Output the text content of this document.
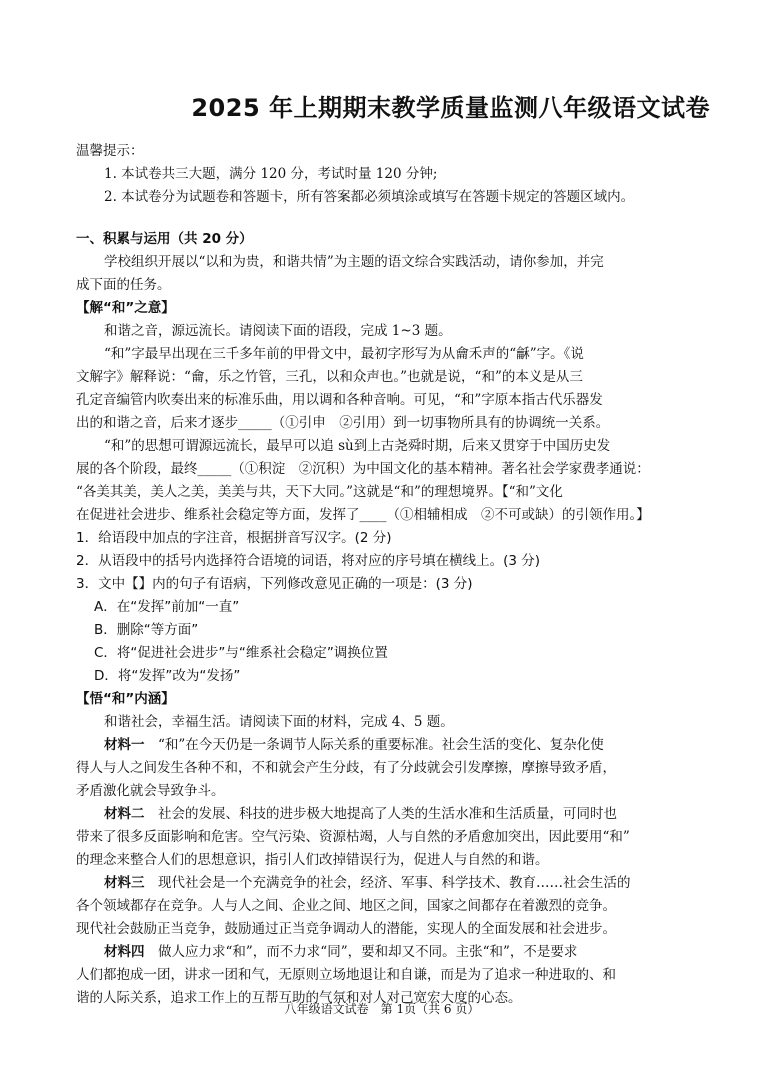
2025 年上期期末教学质量监测八年级语文试卷
温馨提示：
1. 本试卷共三大题，满分 120 分，考试时量 120 分钟;
2. 本试卷分为试题卷和答题卡，所有答案都必须填涂或填写在答题卡规定的答题区域内。
一、积累与运用（共 20 分）
学校组织开展以“以和为贵，和谐共情”为主题的语文综合实践活动，请你参加，并完
成下面的任务。
【解“和”之意】
和谐之音，源远流长。请阅读下面的语段，完成 1~3 题。
“和”字最早出现在三千多年前的甲骨文中，最初字形写为从龠禾声的“龢”字。《说
文解字》解释说：“龠，乐之竹管，三孔，以和众声也。”也就是说，“和”的本义是从三
孔定音编管内吹奏出来的标准乐曲，用以调和各种音响。可见，“和”字原本指古代乐器发
出的和谐之音，后来才逐步_____（①引申　②引用）到一切事物所具有的协调统一关系。
“和”的思想可谓源远流长，最早可以追 sù到上古尧舜时期，后来又贯穿于中国历史发
展的各个阶段，最终_____（①积淀　②沉积）为中国文化的基本精神。著名社会学家费孝通说：
“各美其美，美人之美，美美与共，天下大同。”这就是“和”的理想境界。【“和”文化
在促进社会进步、维系社会稳定等方面，发挥了____（①相辅相成　②不可或缺）的引领作用。】
1．给语段中加点的字注音，根据拼音写汉字。(2 分)
2．从语段中的括号内选择符合语境的词语，将对应的序号填在横线上。(3 分)
3．文中【】内的句子有语病，下列修改意见正确的一项是：(3 分)
A．在“发挥”前加“一直”
B．删除“等方面”
C．将“促进社会进步”与“维系社会稳定”调换位置
D．将“发挥”改为“发扬”
【悟“和”内涵】
和谐社会，幸福生活。请阅读下面的材料，完成 4、5 题。
材料一　 “和”在今天仍是一条调节人际关系的重要标准。社会生活的变化、复杂化使
得人与人之间发生各种不和，不和就会产生分歧，有了分歧就会引发摩擦，摩擦导致矛盾，
矛盾激化就会导致争斗。
材料二　 社会的发展、科技的进步极大地提高了人类的生活水准和生活质量，可同时也
带来了很多反面影响和危害。空气污染、资源枯竭，人与自然的矛盾愈加突出，因此要用“和”
的理念来整合人们的思想意识，指引人们改掉错误行为，促进人与自然的和谐。
材料三　 现代社会是一个充满竞争的社会，经济、军事、科学技术、教育……社会生活的
各个领域都存在竞争。人与人之间、企业之间、地区之间，国家之间都存在着激烈的竞争。
现代社会鼓励正当竞争，鼓励通过正当竞争调动人的潜能，实现人的全面发展和社会进步。
材料四　 做人应力求“和”，而不力求“同”，要和却又不同。主张“和”，不是要求
人们都抱成一团，讲求一团和气，无原则立场地退让和自谦，而是为了追求一种进取的、和
谐的人际关系，追求工作上的互帮互助的气氛和对人对己宽宏大度的心态。
八年级语文试卷　第 1页（共 6 页）
